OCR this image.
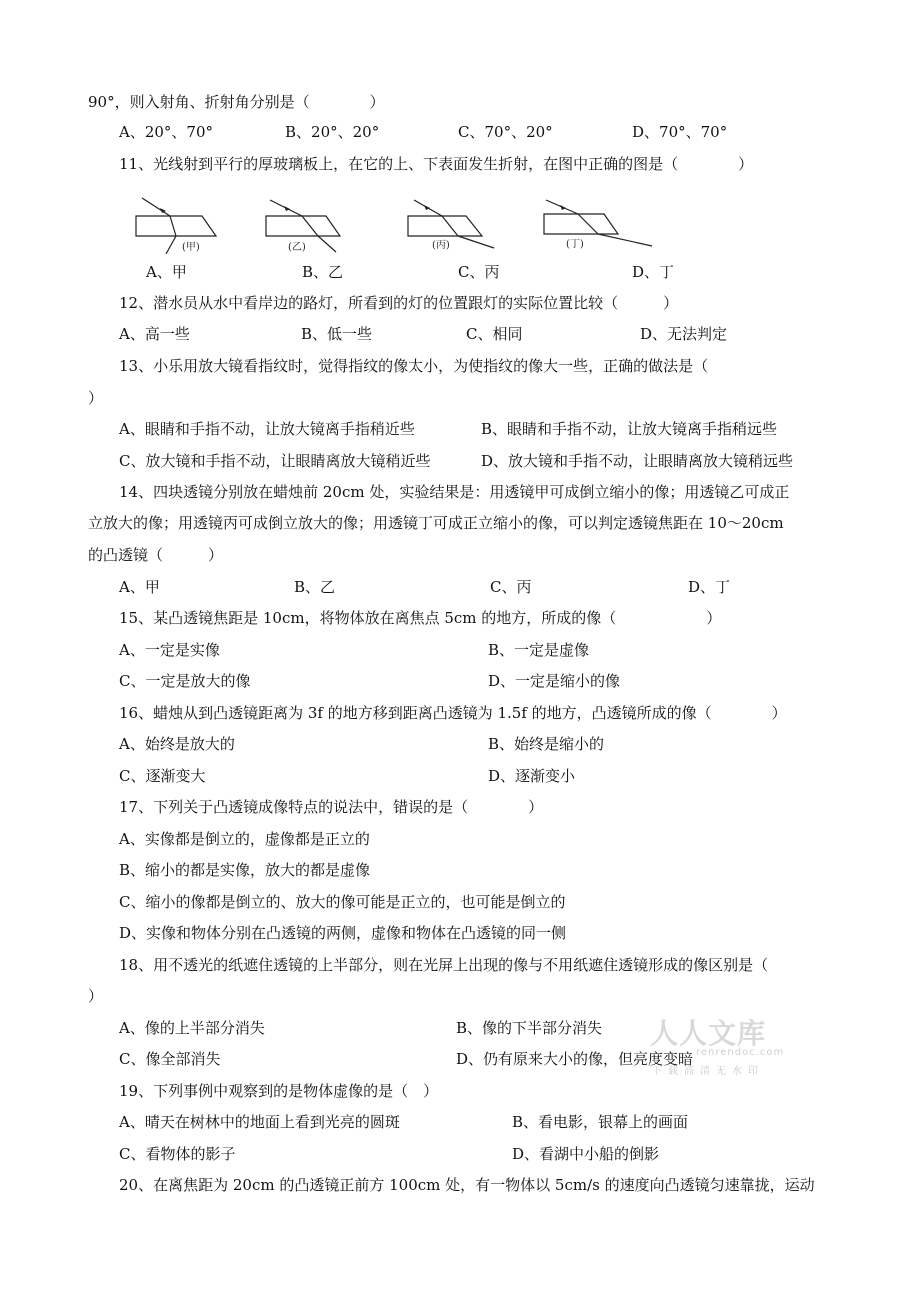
90°，则入射角、折射角分别是（　　　　）
A、20°、70°	B、20°、20°	C、70°、20°	D、70°、70°
11、光线射到平行的厚玻璃板上，在它的上、下表面发生折射，在图中正确的图是（　　　　）
(甲)	(乙)	(丙)	(丁)
A、甲	B、乙	C、丙	D、丁
12、潜水员从水中看岸边的路灯，所看到的灯的位置跟灯的实际位置比较（　　　）
A、高一些	B、低一些	C、相同	D、无法判定
13、小乐用放大镜看指纹时，觉得指纹的像太小，为使指纹的像大一些，正确的做法是（
）
A、眼睛和手指不动，让放大镜离手指稍近些	B、眼睛和手指不动，让放大镜离手指稍远些
C、放大镜和手指不动，让眼睛离放大镜稍近些	D、放大镜和手指不动，让眼睛离放大镜稍远些
14、四块透镜分别放在蜡烛前 20cm 处，实验结果是：用透镜甲可成倒立缩小的像；用透镜乙可成正
立放大的像；用透镜丙可成倒立放大的像；用透镜丁可成正立缩小的像，可以判定透镜焦距在 10～20cm
的凸透镜（　　　）
A、甲	B、乙	C、丙	D、丁
15、某凸透镜焦距是 10cm，将物体放在离焦点 5cm 的地方，所成的像（　　　　　　）
A、一定是实像	B、一定是虚像
C、一定是放大的像	D、一定是缩小的像
16、蜡烛从到凸透镜距离为 3f 的地方移到距离凸透镜为 1.5f 的地方，凸透镜所成的像（　　　　）
A、始终是放大的	B、始终是缩小的
C、逐渐变大	D、逐渐变小
17、下列关于凸透镜成像特点的说法中，错误的是（　　　　）
A、实像都是倒立的，虚像都是正立的
B、缩小的都是实像，放大的都是虚像
C、缩小的像都是倒立的、放大的像可能是正立的，也可能是倒立的
D、实像和物体分别在凸透镜的两侧，虚像和物体在凸透镜的同一侧
18、用不透光的纸遮住透镜的上半部分，则在光屏上出现的像与不用纸遮住透镜形成的像区别是（
）
A、像的上半部分消失	B、像的下半部分消失
C、像全部消失	D、仍有原来大小的像，但亮度变暗
19、下列事例中观察到的是物体虚像的是（　）
A、晴天在树林中的地面上看到光亮的圆斑	B、看电影，银幕上的画面
C、看物体的影子	D、看湖中小船的倒影
20、在离焦距为 20cm 的凸透镜正前方 100cm 处，有一物体以 5cm/s 的速度向凸透镜匀速靠拢，运动
人人文库
renrendoc.com
下载高清无水印
